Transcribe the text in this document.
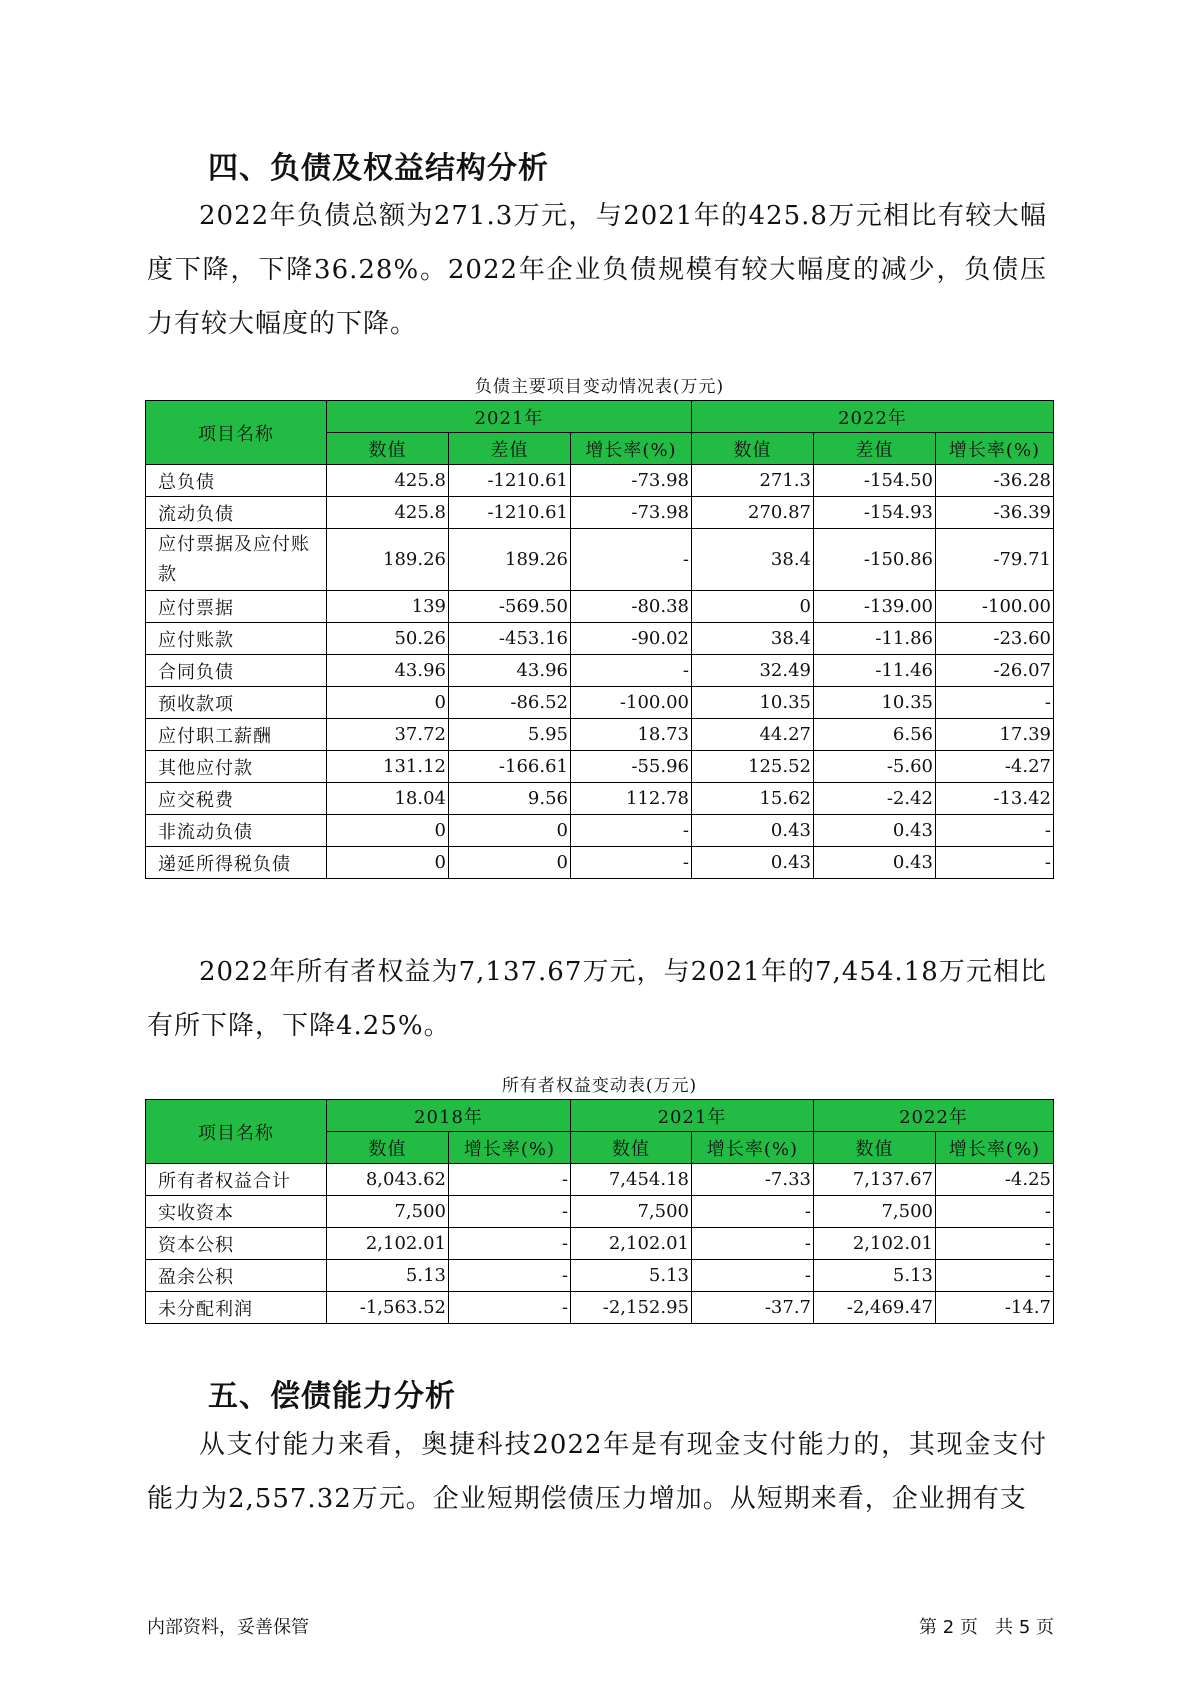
四、负债及权益结构分析
2022年负债总额为271.3万元，与2021年的425.8万元相比有较大幅度下降，下降36.28%。2022年企业负债规模有较大幅度的减少，负债压力有较大幅度的下降。
负债主要项目变动情况表(万元)
项目名称	2021年			2022年		
	数值	差值	增长率(%)	数值	差值	增长率(%)
总负债	425.8	-1210.61	-73.98	271.3	-154.50	-36.28
流动负债	425.8	-1210.61	-73.98	270.87	-154.93	-36.39
应付票据及应付账款	189.26	189.26	-	38.4	-150.86	-79.71
应付票据	139	-569.50	-80.38	0	-139.00	-100.00
应付账款	50.26	-453.16	-90.02	38.4	-11.86	-23.60
合同负债	43.96	43.96	-	32.49	-11.46	-26.07
预收款项	0	-86.52	-100.00	10.35	10.35	-
应付职工薪酬	37.72	5.95	18.73	44.27	6.56	17.39
其他应付款	131.12	-166.61	-55.96	125.52	-5.60	-4.27
应交税费	18.04	9.56	112.78	15.62	-2.42	-13.42
非流动负债	0	0	-	0.43	0.43	-
递延所得税负债	0	0	-	0.43	0.43	-
2022年所有者权益为7,137.67万元，与2021年的7,454.18万元相比有所下降，下降4.25%。
所有者权益变动表(万元)
项目名称	2018年		2021年		2022年	
	数值	增长率(%)	数值	增长率(%)	数值	增长率(%)
所有者权益合计	8,043.62	-	7,454.18	-7.33	7,137.67	-4.25
实收资本	7,500	-	7,500	-	7,500	-
资本公积	2,102.01	-	2,102.01	-	2,102.01	-
盈余公积	5.13	-	5.13	-	5.13	-
未分配利润	-1,563.52	-	-2,152.95	-37.7	-2,469.47	-14.7
五、偿债能力分析
从支付能力来看，奥捷科技2022年是有现金支付能力的，其现金支付能力为2,557.32万元。企业短期偿债压力增加。从短期来看，企业拥有支
内部资料，妥善保管	第 2 页   共 5 页
